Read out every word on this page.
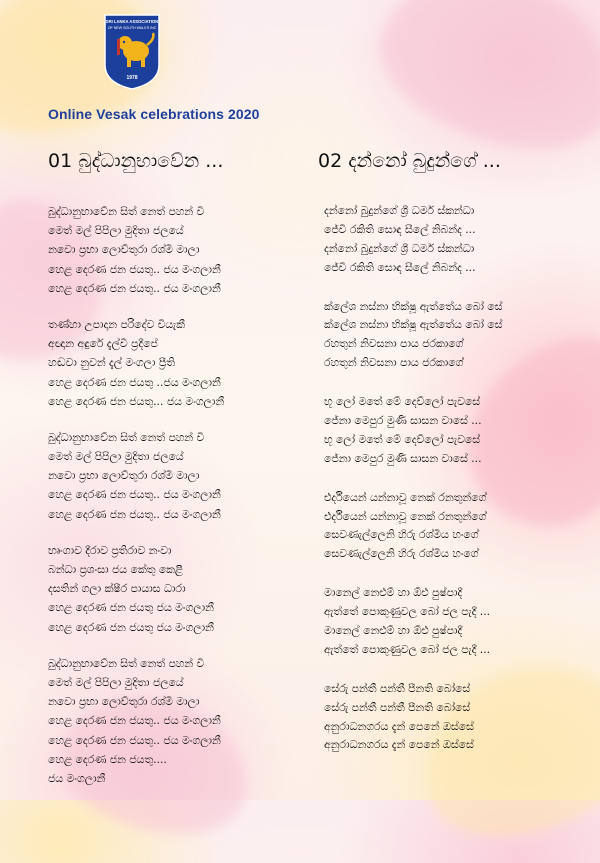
SRI LANKA ASSOCIATION
OF NEW SOUTH WALES INC
1978
Online Vesak celebrations 2020
01 බුද්ධානුභාවේන ...
බුද්ධානුභාවේන සිත් නෙත් පහන් වී
මෙත් මල් පිපිලා මුදිතා ජලයේ
නවො ප්‍රභා ලොව්තුරා රශ්මි මාලා
හෙළ දෙරණ ජන ජයතු.. ජය මංගලානී
හෙළ දෙරණ ජන ජයතු.. ජය මංගලානී
තණ්හා උපාදාන පරිදේව වියැකී
අඥාන අඳුරේ දැල්වී ප්‍රදීපේ
හඬවා නුවන් දැල් මංගලා ප්‍රීති
හෙළ දෙරණ ජන ජයතු ..ජය මංගලානී
හෙළ දෙරණ ජන ජයතු... ජය මංගලානී
බුද්ධානුභාවේන සිත් නෙත් පහන් වී
මෙත් මල් පිපිලා මුදිතා ජලයේ
නවො ප්‍රභා ලොව්තුරා රශ්මි මාලා
හෙළ දෙරණ ජන ජයතු.. ජය මංගලානී
හෙළ දෙරණ ජන ජයතු.. ජය මංගලානී
භෘංගාව දීරාව ප්‍රතිරාව නංවා
බන්ධා ප්‍රශංසා ජය කේතු කෙළී
දසතින් ගලා ක්ෂීර පායාස ධාරා
හෙළ දෙරණ ජන ජයතු ජය මංගලානී
හෙළ දෙරණ ජන ජයතු ජය මංගලානී
බුද්ධානුභාවේන සිත් නෙත් පහන් වී
මෙත් මල් පිපිලා මුදිතා ජලයේ
නවො ප්‍රභා ලොව්තුරා රශ්මි මාලා
හෙළ දෙරණ ජන ජයතු.. ජය මංගලානී
හෙළ දෙරණ ජන ජයතු.. ජය මංගලානී
හෙළ දෙරණ ජන ජයතු....
ජය මංගලානී
02 දන්නෝ බුදුන්ගේ ...
දන්නෝ බුදුන්ගේ ශ්‍රී ධර්ම ස්කන්ධා
ජේවී රකිති සොඳ සීලේ නිබන්ද ...
දන්නෝ බුදුන්ගේ ශ්‍රී ධර්ම ස්කන්ධා
ජේවී රකිති සොඳ සීලේ නිබන්ද ...
ක්ලේශ නස්නා භික්ෂූ ඇත්තේය බෝ සේ
ක්ලේශ නස්නා භික්ෂූ ඇත්තේය බෝ සේ
රහතුන් නිවසනා පාය ජරකාගේ
රහතුන් නිවසනා පාය ජරකාගේ
භූ ලෝ මතේ මේ දෙව්ලෝ පැවසේ
ජේනා මෙපුර මුණි සාසන වාසේ ...
භූ ලෝ මතේ මේ දෙව්ලෝ පැවසේ
ජේනා මෙපුර මුණි සාසන වාසේ ...
එර්දියෙන් යන්නාවූ නෙක් රනතුන්ගේ
එර්දියෙන් යන්නාවූ නෙක් රනතුන්ගේ
සෙවණැල්ලෙනි හිරු රශ්මිය හංගේ
සෙවණැල්ලෙනි හිරු රශ්මිය හංගේ
මානෙල් නෙළුම් හා ඕළු පුෂ්පාදී
ඇත්තේ පොකුණුවල බෝ ජල පැදී ...
මානෙල් නෙළුම් හා ඕළු පුෂ්පාදී
ඇත්තේ පොකුණුවල බෝ ජල පැදී ...
සේරු පන්තී පන්තී පීනති බෝසේ
සේරු පන්තී පන්තී පීනති බෝසේ
අනුරාධනගරය දැන් පෙනේ ඔස්සේ
අනුරාධනගරය දැන් පෙනේ ඔස්සේ
